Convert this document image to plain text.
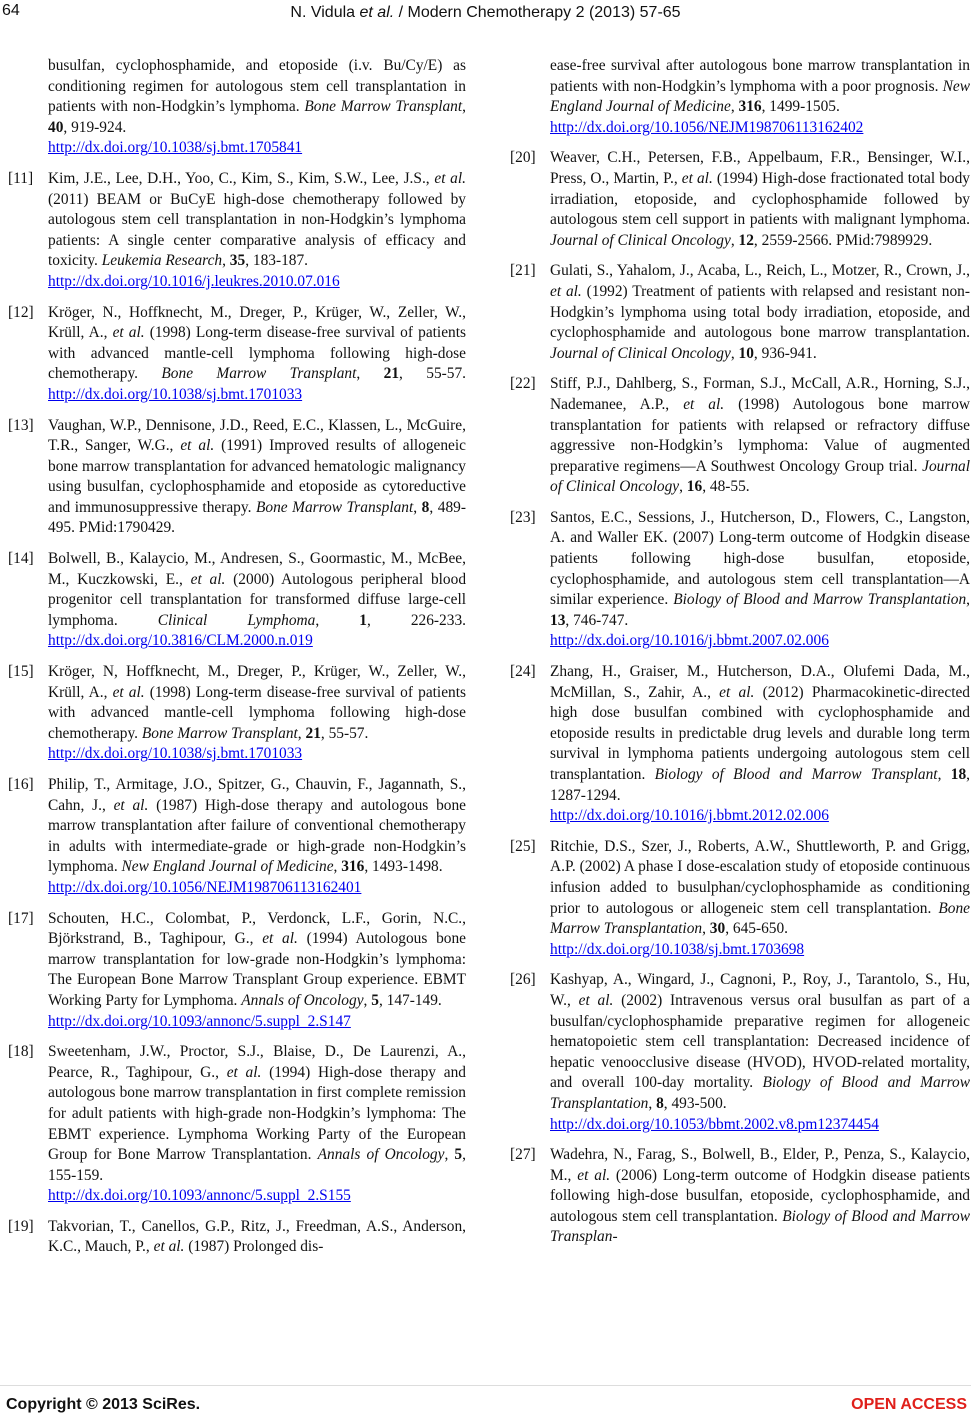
64	N. Vidula et al. / Modern Chemotherapy 2 (2013) 57-65
busulfan, cyclophosphamide, and etoposide (i.v. Bu/Cy/E) as conditioning regimen for autologous stem cell transplantation in patients with non-Hodgkin’s lymphoma. Bone Marrow Transplant, 40, 919-924.
http://dx.doi.org/10.1038/sj.bmt.1705841
[11] Kim, J.E., Lee, D.H., Yoo, C., Kim, S., Kim, S.W., Lee, J.S., et al. (2011) BEAM or BuCyE high-dose chemotherapy followed by autologous stem cell transplantation in non-Hodgkin’s lymphoma patients: A single center comparative analysis of efficacy and toxicity. Leukemia Research, 35, 183-187.
http://dx.doi.org/10.1016/j.leukres.2010.07.016
[12] Kröger, N., Hoffknecht, M., Dreger, P., Krüger, W., Zeller, W., Krüll, A., et al. (1998) Long-term disease-free survival of patients with advanced mantle-cell lymphoma following high-dose chemotherapy. Bone Marrow Transplant, 21, 55-57. http://dx.doi.org/10.1038/sj.bmt.1701033
[13] Vaughan, W.P., Dennisone, J.D., Reed, E.C., Klassen, L., McGuire, T.R., Sanger, W.G., et al. (1991) Improved results of allogeneic bone marrow transplantation for advanced hematologic malignancy using busulfan, cyclophosphamide and etoposide as cytoreductive and immunosuppressive therapy. Bone Marrow Transplant, 8, 489-495. PMid:1790429.
[14] Bolwell, B., Kalaycio, M., Andresen, S., Goormastic, M., McBee, M., Kuczkowski, E., et al. (2000) Autologous peripheral blood progenitor cell transplantation for transformed diffuse large-cell lymphoma. Clinical Lymphoma, 1, 226-233. http://dx.doi.org/10.3816/CLM.2000.n.019
[15] Kröger, N, Hoffknecht, M., Dreger, P., Krüger, W., Zeller, W., Krüll, A., et al. (1998) Long-term disease-free survival of patients with advanced mantle-cell lymphoma following high-dose chemotherapy. Bone Marrow Transplant, 21, 55-57.
http://dx.doi.org/10.1038/sj.bmt.1701033
[16] Philip, T., Armitage, J.O., Spitzer, G., Chauvin, F., Jagannath, S., Cahn, J., et al. (1987) High-dose therapy and autologous bone marrow transplantation after failure of conventional chemotherapy in adults with intermediate-grade or high-grade non-Hodgkin’s lymphoma. New England Journal of Medicine, 316, 1493-1498.
http://dx.doi.org/10.1056/NEJM198706113162401
[17] Schouten, H.C., Colombat, P., Verdonck, L.F., Gorin, N.C., Björkstrand, B., Taghipour, G., et al. (1994) Autologous bone marrow transplantation for low-grade non-Hodgkin’s lymphoma: The European Bone Marrow Transplant Group experience. EBMT Working Party for Lymphoma. Annals of Oncology, 5, 147-149.
http://dx.doi.org/10.1093/annonc/5.suppl_2.S147
[18] Sweetenham, J.W., Proctor, S.J., Blaise, D., De Laurenzi, A., Pearce, R., Taghipour, G., et al. (1994) High-dose therapy and autologous bone marrow transplantation in first complete remission for adult patients with high-grade non-Hodgkin’s lymphoma: The EBMT experience. Lymphoma Working Party of the European Group for Bone Marrow Transplantation. Annals of Oncology, 5, 155-159.
http://dx.doi.org/10.1093/annonc/5.suppl_2.S155
[19] Takvorian, T., Canellos, G.P., Ritz, J., Freedman, A.S., Anderson, K.C., Mauch, P., et al. (1987) Prolonged dis-
ease-free survival after autologous bone marrow transplantation in patients with non-Hodgkin’s lymphoma with a poor prognosis. New England Journal of Medicine, 316, 1499-1505.
http://dx.doi.org/10.1056/NEJM198706113162402
[20] Weaver, C.H., Petersen, F.B., Appelbaum, F.R., Bensinger, W.I., Press, O., Martin, P., et al. (1994) High-dose fractionated total body irradiation, etoposide, and cyclophosphamide followed by autologous stem cell support in patients with malignant lymphoma. Journal of Clinical Oncology, 12, 2559-2566. PMid:7989929.
[21] Gulati, S., Yahalom, J., Acaba, L., Reich, L., Motzer, R., Crown, J., et al. (1992) Treatment of patients with relapsed and resistant non-Hodgkin’s lymphoma using total body irradiation, etoposide, and cyclophosphamide and autologous bone marrow transplantation. Journal of Clinical Oncology, 10, 936-941.
[22] Stiff, P.J., Dahlberg, S., Forman, S.J., McCall, A.R., Horning, S.J., Nademanee, A.P., et al. (1998) Autologous bone marrow transplantation for patients with relapsed or refractory diffuse aggressive non-Hodgkin’s lymphoma: Value of augmented preparative regimens—A Southwest Oncology Group trial. Journal of Clinical Oncology, 16, 48-55.
[23] Santos, E.C., Sessions, J., Hutcherson, D., Flowers, C., Langston, A. and Waller EK. (2007) Long-term outcome of Hodgkin disease patients following high-dose busulfan, etoposide, cyclophosphamide, and autologous stem cell transplantation—A similar experience. Biology of Blood and Marrow Transplantation, 13, 746-747.
http://dx.doi.org/10.1016/j.bbmt.2007.02.006
[24] Zhang, H., Graiser, M., Hutcherson, D.A., Olufemi Dada, M., McMillan, S., Zahir, A., et al. (2012) Pharmacokinetic-directed high dose busulfan combined with cyclophosphamide and etoposide results in predictable drug levels and durable long term survival in lymphoma patients undergoing autologous stem cell transplantation. Biology of Blood and Marrow Transplant, 18, 1287-1294.
http://dx.doi.org/10.1016/j.bbmt.2012.02.006
[25] Ritchie, D.S., Szer, J., Roberts, A.W., Shuttleworth, P. and Grigg, A.P. (2002) A phase I dose-escalation study of etoposide continuous infusion added to busulphan/cyclophosphamide as conditioning prior to autologous or allogeneic stem cell transplantation. Bone Marrow Transplantation, 30, 645-650.
http://dx.doi.org/10.1038/sj.bmt.1703698
[26] Kashyap, A., Wingard, J., Cagnoni, P., Roy, J., Tarantolo, S., Hu, W., et al. (2002) Intravenous versus oral busulfan as part of a busulfan/cyclophosphamide preparative regimen for allogeneic hematopoietic stem cell transplantation: Decreased incidence of hepatic venoocclusive disease (HVOD), HVOD-related mortality, and overall 100-day mortality. Biology of Blood and Marrow Transplantation, 8, 493-500.
http://dx.doi.org/10.1053/bbmt.2002.v8.pm12374454
[27] Wadehra, N., Farag, S., Bolwell, B., Elder, P., Penza, S., Kalaycio, M., et al. (2006) Long-term outcome of Hodgkin disease patients following high-dose busulfan, etoposide, cyclophosphamide, and autologous stem cell transplantation. Biology of Blood and Marrow Transplan-
Copyright © 2013 SciRes.	OPEN ACCESS
